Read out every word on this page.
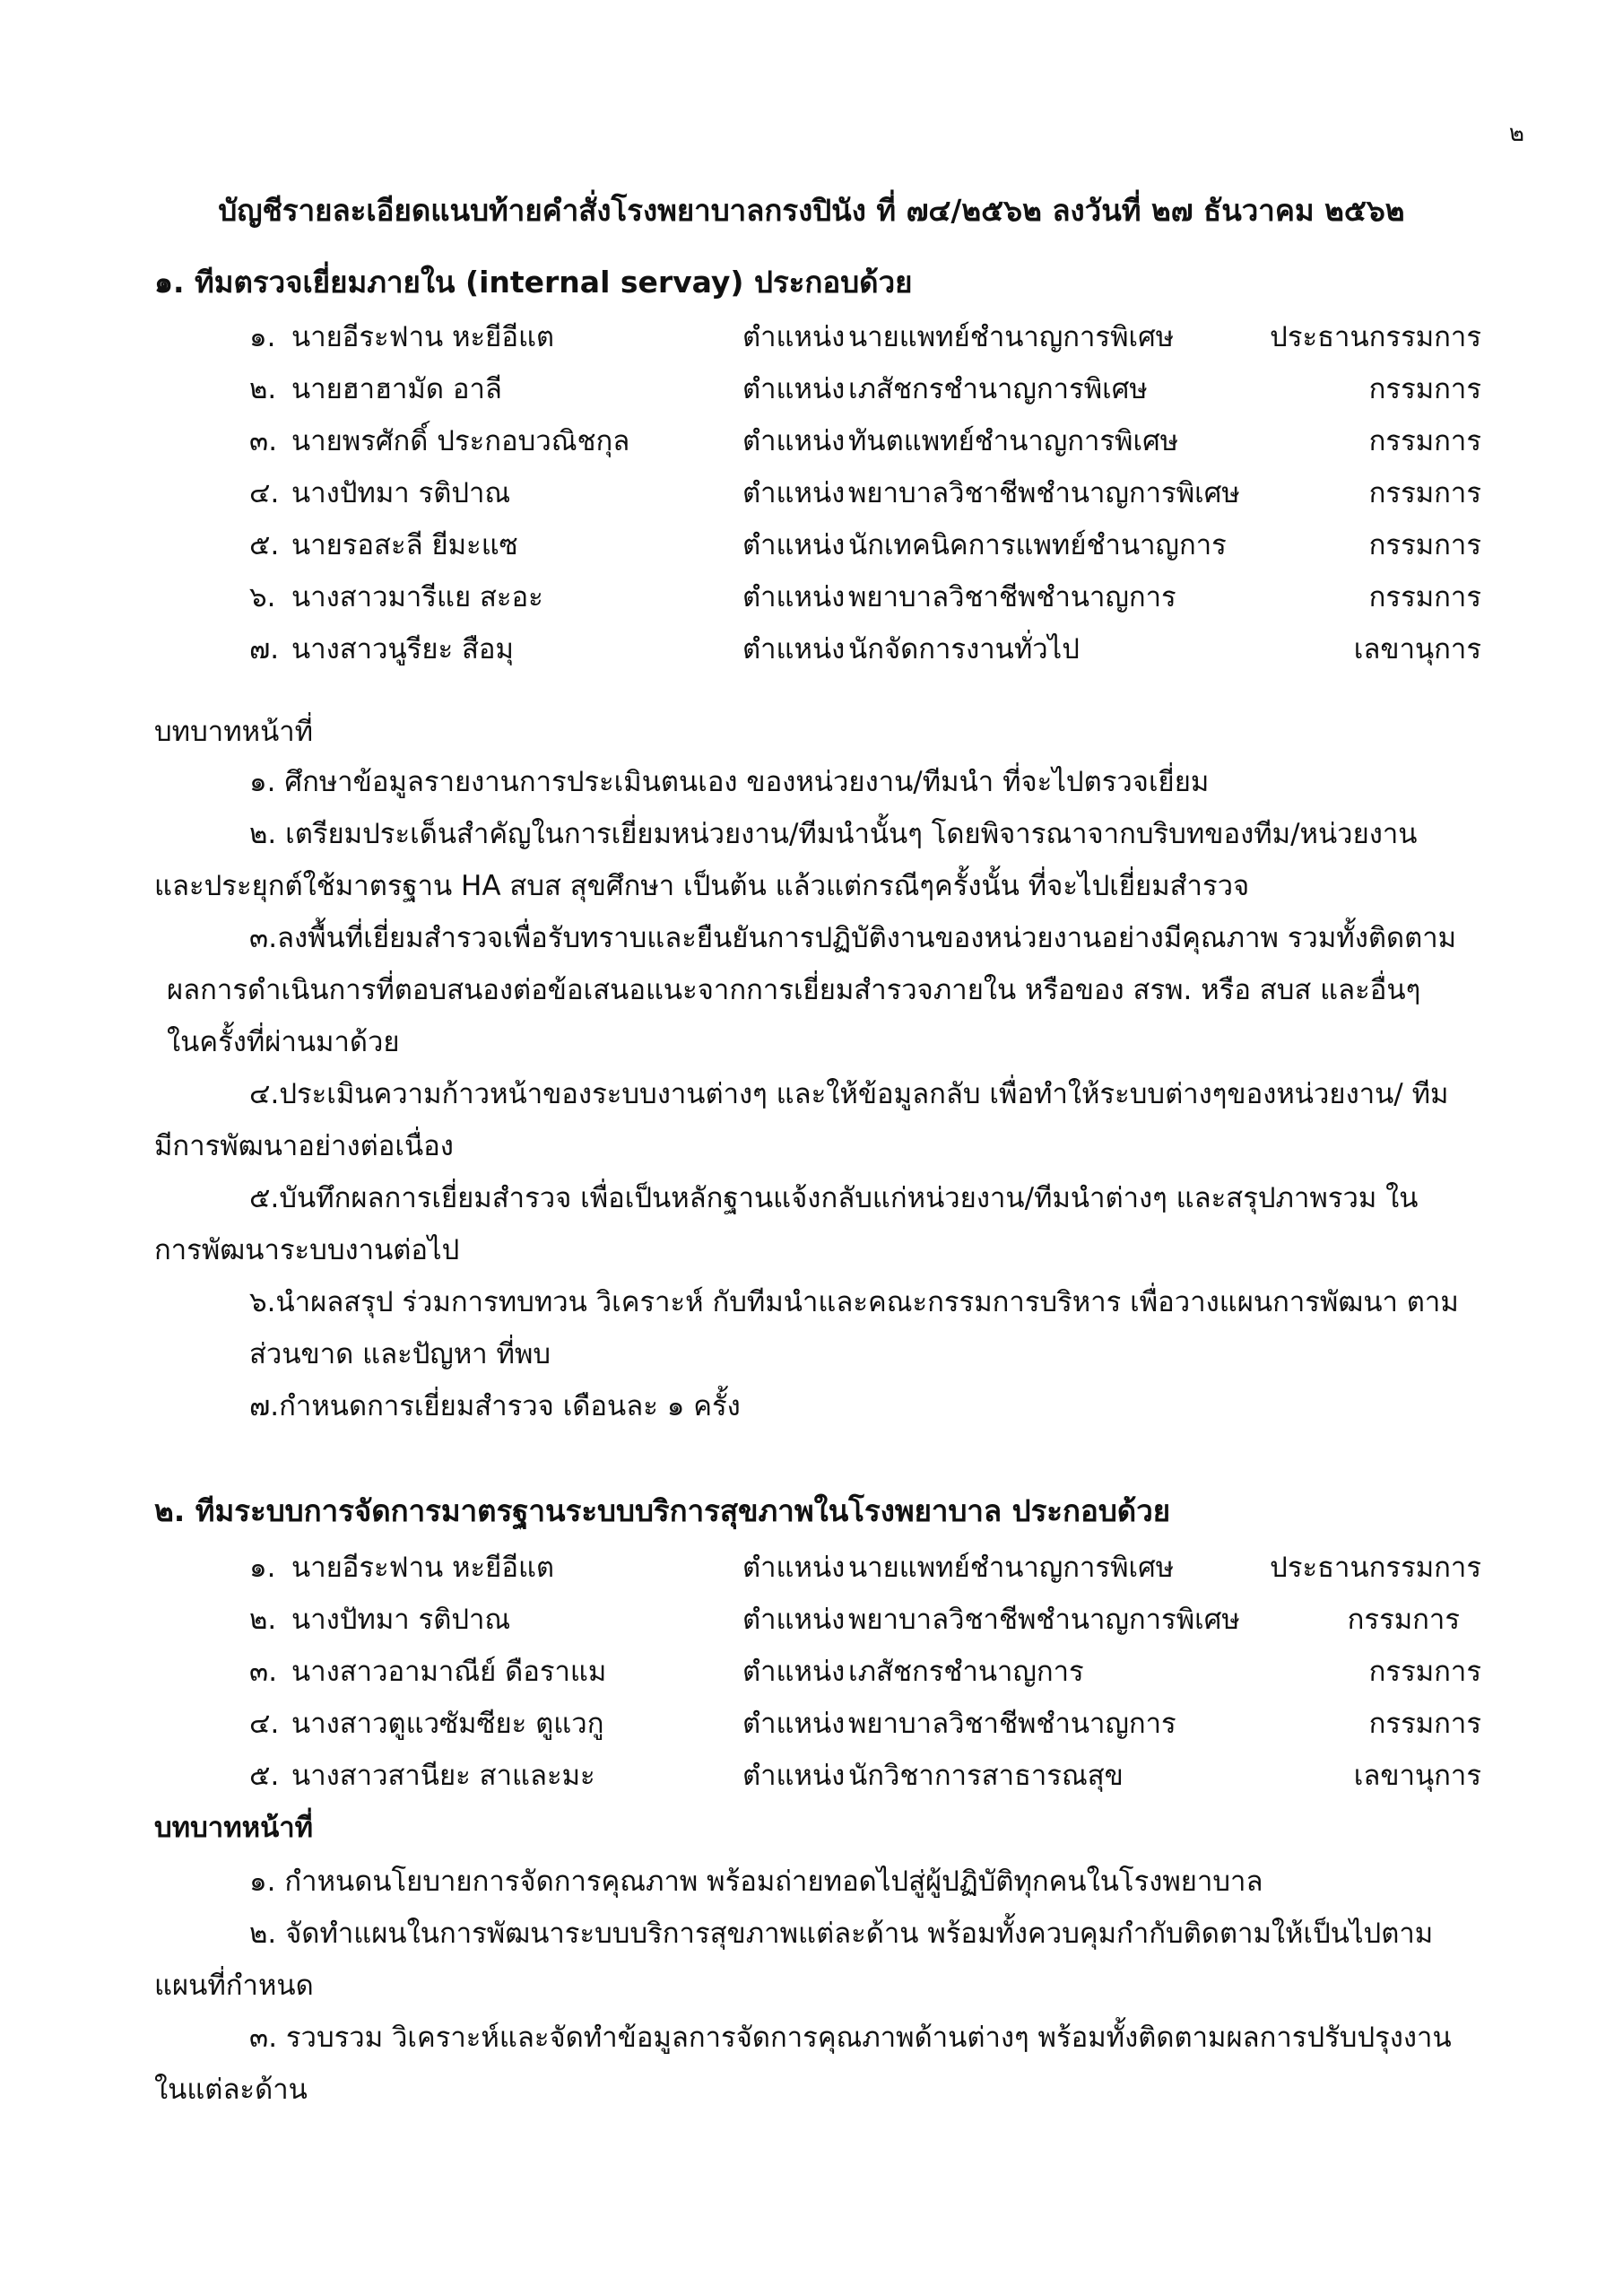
๒
บัญชีรายละเอียดแนบท้ายคำสั่งโรงพยาบาลกรงปินัง ที่ ๗๔/๒๕๖๒ ลงวันที่ ๒๗ ธันวาคม ๒๕๖๒
๑. ทีมตรวจเยี่ยมภายใน (internal servay) ประกอบด้วย
๑. นายอีระฟาน หะยีอีแต	ตำแหน่ง นายแพทย์ชำนาญการพิเศษ	ประธานกรรมการ
๒. นายฮาฮามัด อาลี	ตำแหน่ง เภสัชกรชำนาญการพิเศษ	กรรมการ
๓. นายพรศักดิ์ ประกอบวณิชกุล	ตำแหน่ง ทันตแพทย์ชำนาญการพิเศษ	กรรมการ
๔. นางปัทมา รติปาณ	ตำแหน่ง พยาบาลวิชาชีพชำนาญการพิเศษ	กรรมการ
๕. นายรอสะลี ยีมะแซ	ตำแหน่ง นักเทคนิคการแพทย์ชำนาญการ	กรรมการ
๖. นางสาวมารีแย สะอะ	ตำแหน่ง พยาบาลวิชาชีพชำนาญการ	กรรมการ
๗. นางสาวนูรียะ สือมุ	ตำแหน่ง นักจัดการงานทั่วไป	เลขานุการ
บทบาทหน้าที่
๑. ศึกษาข้อมูลรายงานการประเมินตนเอง ของหน่วยงาน/ทีมนำ ที่จะไปตรวจเยี่ยม
๒. เตรียมประเด็นสำคัญในการเยี่ยมหน่วยงาน/ทีมนำนั้นๆ โดยพิจารณาจากบริบทของทีม/หน่วยงาน
และประยุกต์ใช้มาตรฐาน HA สบส สุขศึกษา เป็นต้น แล้วแต่กรณีๆครั้งนั้น ที่จะไปเยี่ยมสำรวจ
๓.ลงพื้นที่เยี่ยมสำรวจเพื่อรับทราบและยืนยันการปฏิบัติงานของหน่วยงานอย่างมีคุณภาพ รวมทั้งติดตาม
ผลการดำเนินการที่ตอบสนองต่อข้อเสนอแนะจากการเยี่ยมสำรวจภายใน หรือของ สรพ. หรือ สบส และอื่นๆ
ในครั้งที่ผ่านมาด้วย
๔.ประเมินความก้าวหน้าของระบบงานต่างๆ และให้ข้อมูลกลับ เพื่อทำให้ระบบต่างๆของหน่วยงาน/ ทีม
มีการพัฒนาอย่างต่อเนื่อง
๕.บันทึกผลการเยี่ยมสำรวจ เพื่อเป็นหลักฐานแจ้งกลับแก่หน่วยงาน/ทีมนำต่างๆ และสรุปภาพรวม ใน
การพัฒนาระบบงานต่อไป
๖.นำผลสรุป ร่วมการทบทวน วิเคราะห์ กับทีมนำและคณะกรรมการบริหาร เพื่อวางแผนการพัฒนา ตาม
ส่วนขาด และปัญหา ที่พบ
๗.กำหนดการเยี่ยมสำรวจ เดือนละ ๑ ครั้ง
๒. ทีมระบบการจัดการมาตรฐานระบบบริการสุขภาพในโรงพยาบาล ประกอบด้วย
๑. นายอีระฟาน หะยีอีแต	ตำแหน่ง นายแพทย์ชำนาญการพิเศษ	ประธานกรรมการ
๒. นางปัทมา รติปาณ	ตำแหน่ง พยาบาลวิชาชีพชำนาญการพิเศษ	กรรมการ
๓. นางสาวอามาณีย์ ดือราแม	ตำแหน่ง เภสัชกรชำนาญการ	กรรมการ
๔. นางสาวตูแวซัมซียะ ตูแวกู	ตำแหน่ง พยาบาลวิชาชีพชำนาญการ	กรรมการ
๕. นางสาวสานียะ สาและมะ	ตำแหน่ง นักวิชาการสาธารณสุข	เลขานุการ
บทบาทหน้าที่
๑. กำหนดนโยบายการจัดการคุณภาพ พร้อมถ่ายทอดไปสู่ผู้ปฏิบัติทุกคนในโรงพยาบาล
๒. จัดทำแผนในการพัฒนาระบบบริการสุขภาพแต่ละด้าน พร้อมทั้งควบคุมกำกับติดตามให้เป็นไปตาม
แผนที่กำหนด
๓. รวบรวม วิเคราะห์และจัดทำข้อมูลการจัดการคุณภาพด้านต่างๆ พร้อมทั้งติดตามผลการปรับปรุงงาน
ในแต่ละด้าน
